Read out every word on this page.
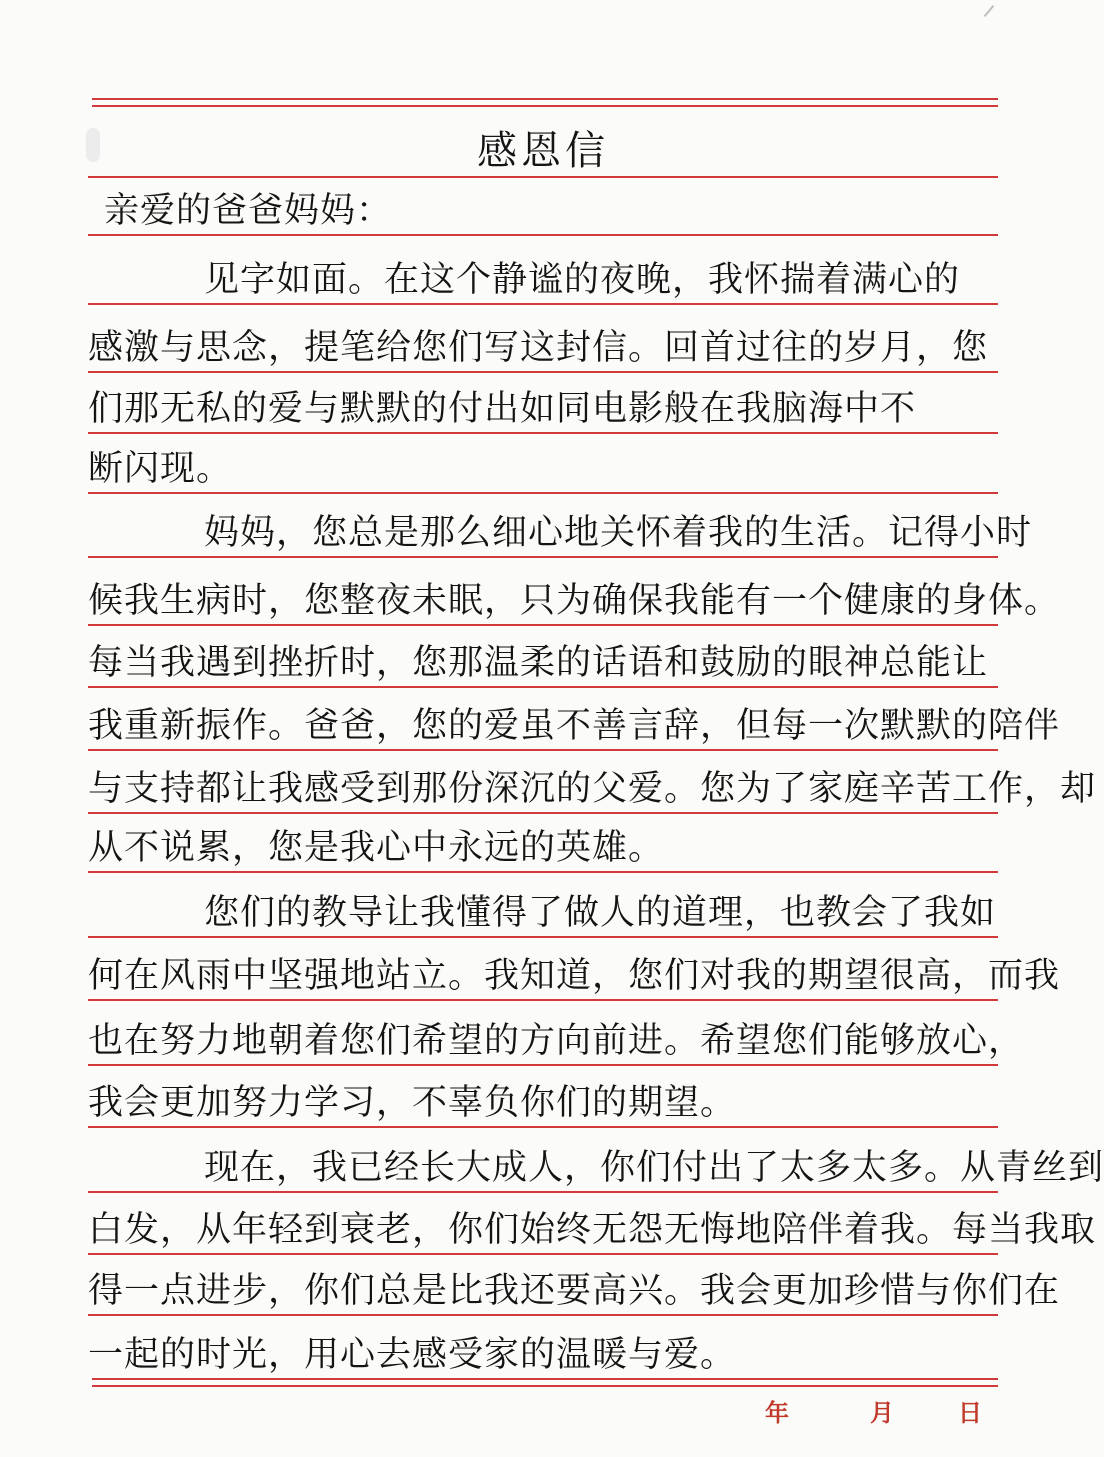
感恩信
亲爱的爸爸妈妈：
见字如面。在这个静谧的夜晚，我怀揣着满心的
感激与思念，提笔给您们写这封信。回首过往的岁月，您
们那无私的爱与默默的付出如同电影般在我脑海中不
断闪现。
妈妈，您总是那么细心地关怀着我的生活。记得小时
候我生病时，您整夜未眠，只为确保我能有一个健康的身体。
每当我遇到挫折时，您那温柔的话语和鼓励的眼神总能让
我重新振作。爸爸，您的爱虽不善言辞，但每一次默默的陪伴
与支持都让我感受到那份深沉的父爱。您为了家庭辛苦工作，却
从不说累，您是我心中永远的英雄。
您们的教导让我懂得了做人的道理，也教会了我如
何在风雨中坚强地站立。我知道，您们对我的期望很高，而我
也在努力地朝着您们希望的方向前进。希望您们能够放心，
我会更加努力学习，不辜负你们的期望。
现在，我已经长大成人，你们付出了太多太多。从青丝到
白发，从年轻到衰老，你们始终无怨无悔地陪伴着我。每当我取
得一点进步，你们总是比我还要高兴。我会更加珍惜与你们在
一起的时光，用心去感受家的温暖与爱。
年	月	日
